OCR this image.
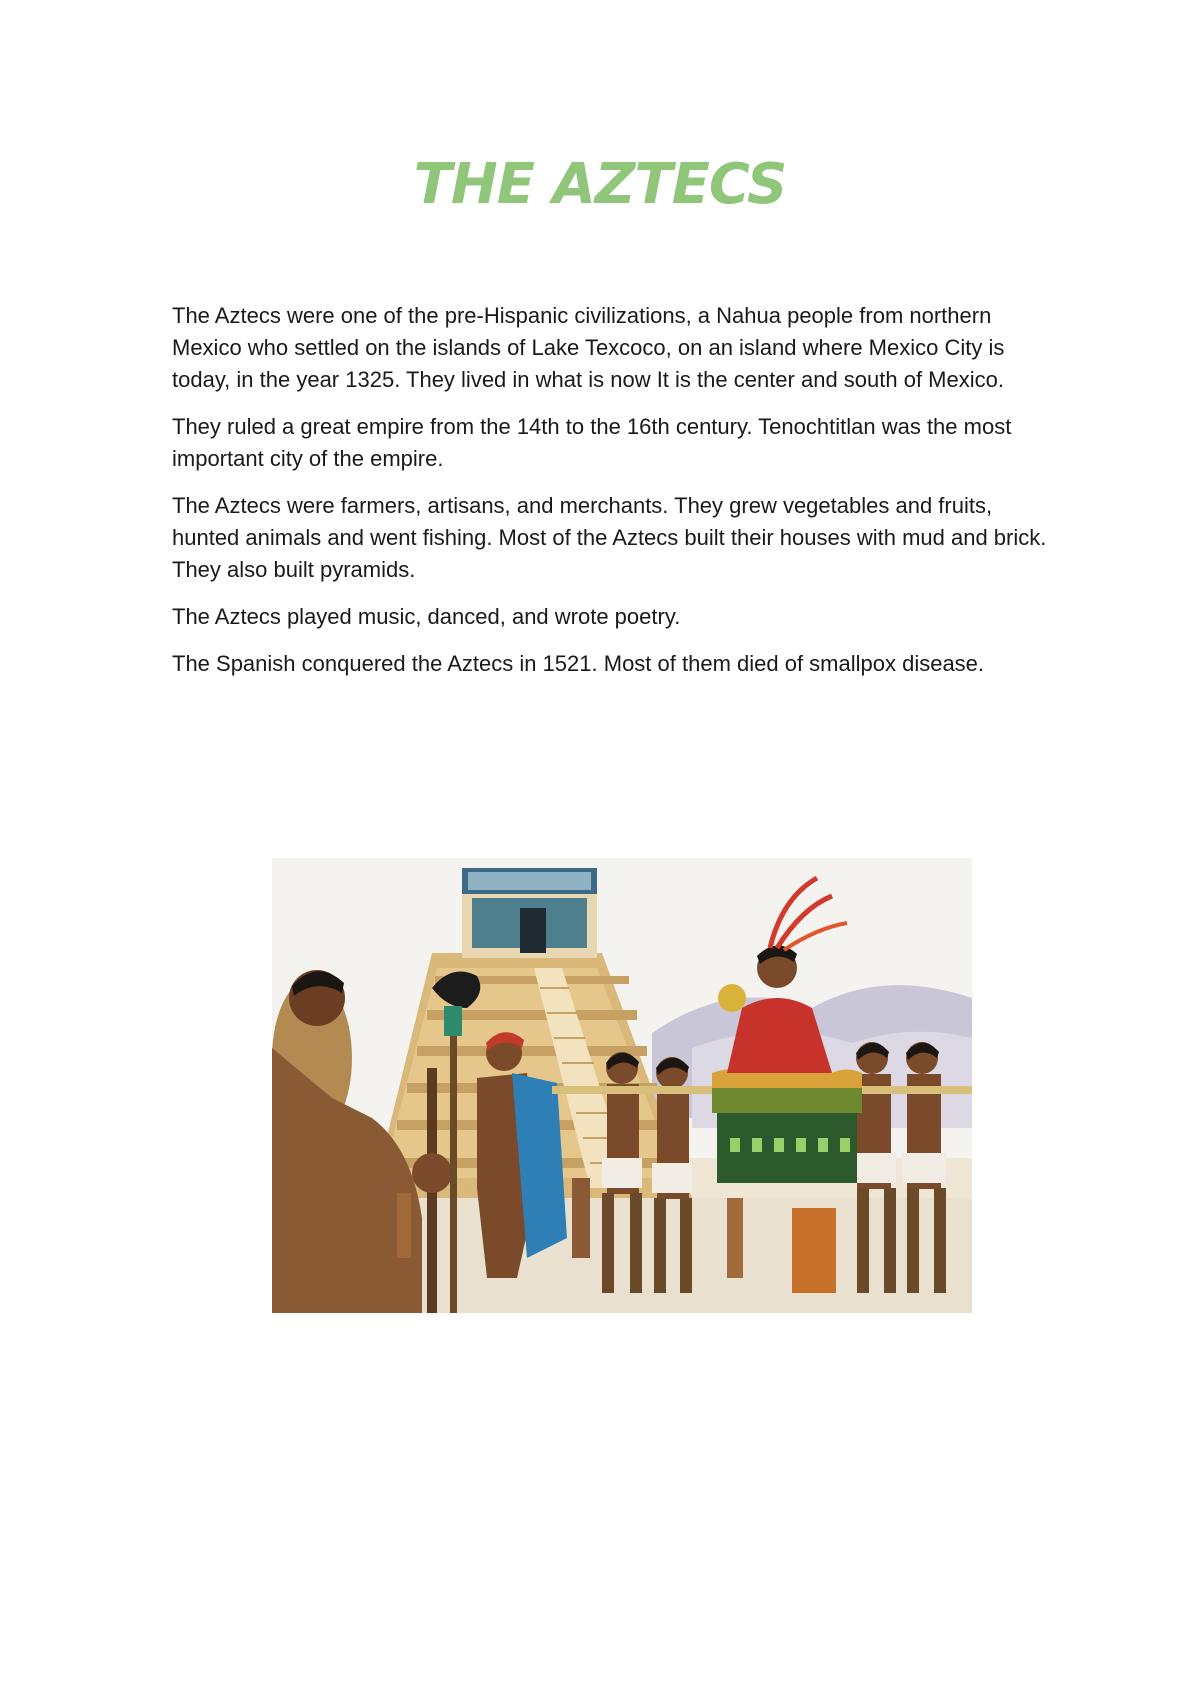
THE AZTECS

The Aztecs were one of the pre-Hispanic civilizations, a Nahua people from northern Mexico who settled on the islands of Lake Texcoco, on an island where Mexico City is today, in the year 1325. They lived in what is now It is the center and south of Mexico.

They ruled a great empire from the 14th to the 16th century. Tenochtitlan was the most important city of the empire.

The Aztecs were farmers, artisans, and merchants. They grew vegetables and fruits, hunted animals and went fishing. Most of the Aztecs built their houses with mud and brick. They also built pyramids.

The Aztecs played music, danced, and wrote poetry.

The Spanish conquered the Aztecs in 1521. Most of them died of smallpox disease.
